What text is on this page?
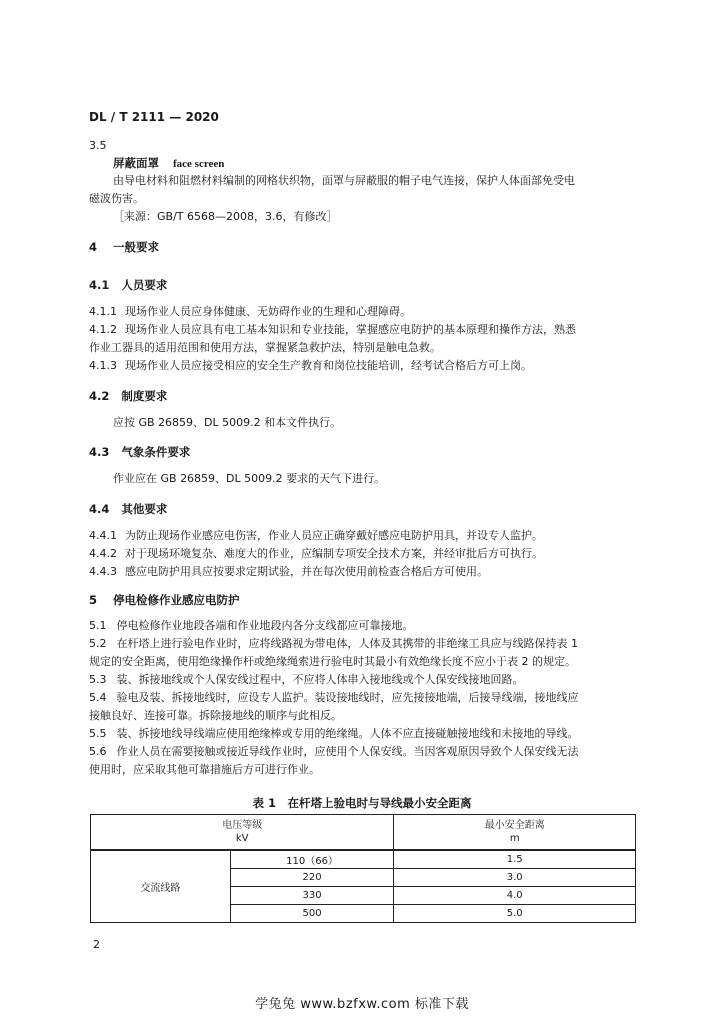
DL / T 2111 — 2020
3.5
屏蔽面罩 face screen
由导电材料和阻燃材料编制的网格状织物，面罩与屏蔽服的帽子电气连接，保护人体面部免受电
磁波伤害。
［来源：GB/T 6568—2008，3.6，有修改］
4 一般要求
4.1 人员要求
4.1.1 现场作业人员应身体健康、无妨碍作业的生理和心理障碍。
4.1.2 现场作业人员应具有电工基本知识和专业技能，掌握感应电防护的基本原理和操作方法，熟悉
作业工器具的适用范围和使用方法，掌握紧急救护法，特别是触电急救。
4.1.3 现场作业人员应接受相应的安全生产教育和岗位技能培训，经考试合格后方可上岗。
4.2 制度要求
应按 GB 26859、DL 5009.2 和本文件执行。
4.3 气象条件要求
作业应在 GB 26859、DL 5009.2 要求的天气下进行。
4.4 其他要求
4.4.1 为防止现场作业感应电伤害，作业人员应正确穿戴好感应电防护用具，并设专人监护。
4.4.2 对于现场环境复杂、难度大的作业，应编制专项安全技术方案，并经审批后方可执行。
4.4.3 感应电防护用具应按要求定期试验，并在每次使用前检查合格后方可使用。
5 停电检修作业感应电防护
5.1 停电检修作业地段各端和作业地段内各分支线都应可靠接地。
5.2 在杆塔上进行验电作业时，应将线路视为带电体，人体及其携带的非绝缘工具应与线路保持表 1
规定的安全距离，使用绝缘操作杆或绝缘绳索进行验电时其最小有效绝缘长度不应小于表 2 的规定。
5.3 装、拆接地线或个人保安线过程中，不应将人体串入接地线或个人保安线接地回路。
5.4 验电及装、拆接地线时，应设专人监护。装设接地线时，应先接接地端，后接导线端，接地线应
接触良好、连接可靠。拆除接地线的顺序与此相反。
5.5 装、拆接地线导线端应使用绝缘棒或专用的绝缘绳。人体不应直接碰触接地线和未接地的导线。
5.6 作业人员在需要接触或接近导线作业时，应使用个人保安线。当因客观原因导致个人保安线无法
使用时，应采取其他可靠措施后方可进行作业。
表 1　在杆塔上验电时与导线最小安全距离
电压等级
kV		最小安全距离
m
交流线路	110（66）	1.5
	220	3.0
	330	4.0
	500	5.0
2
学兔兔 www.bzfxw.com 标准下载
